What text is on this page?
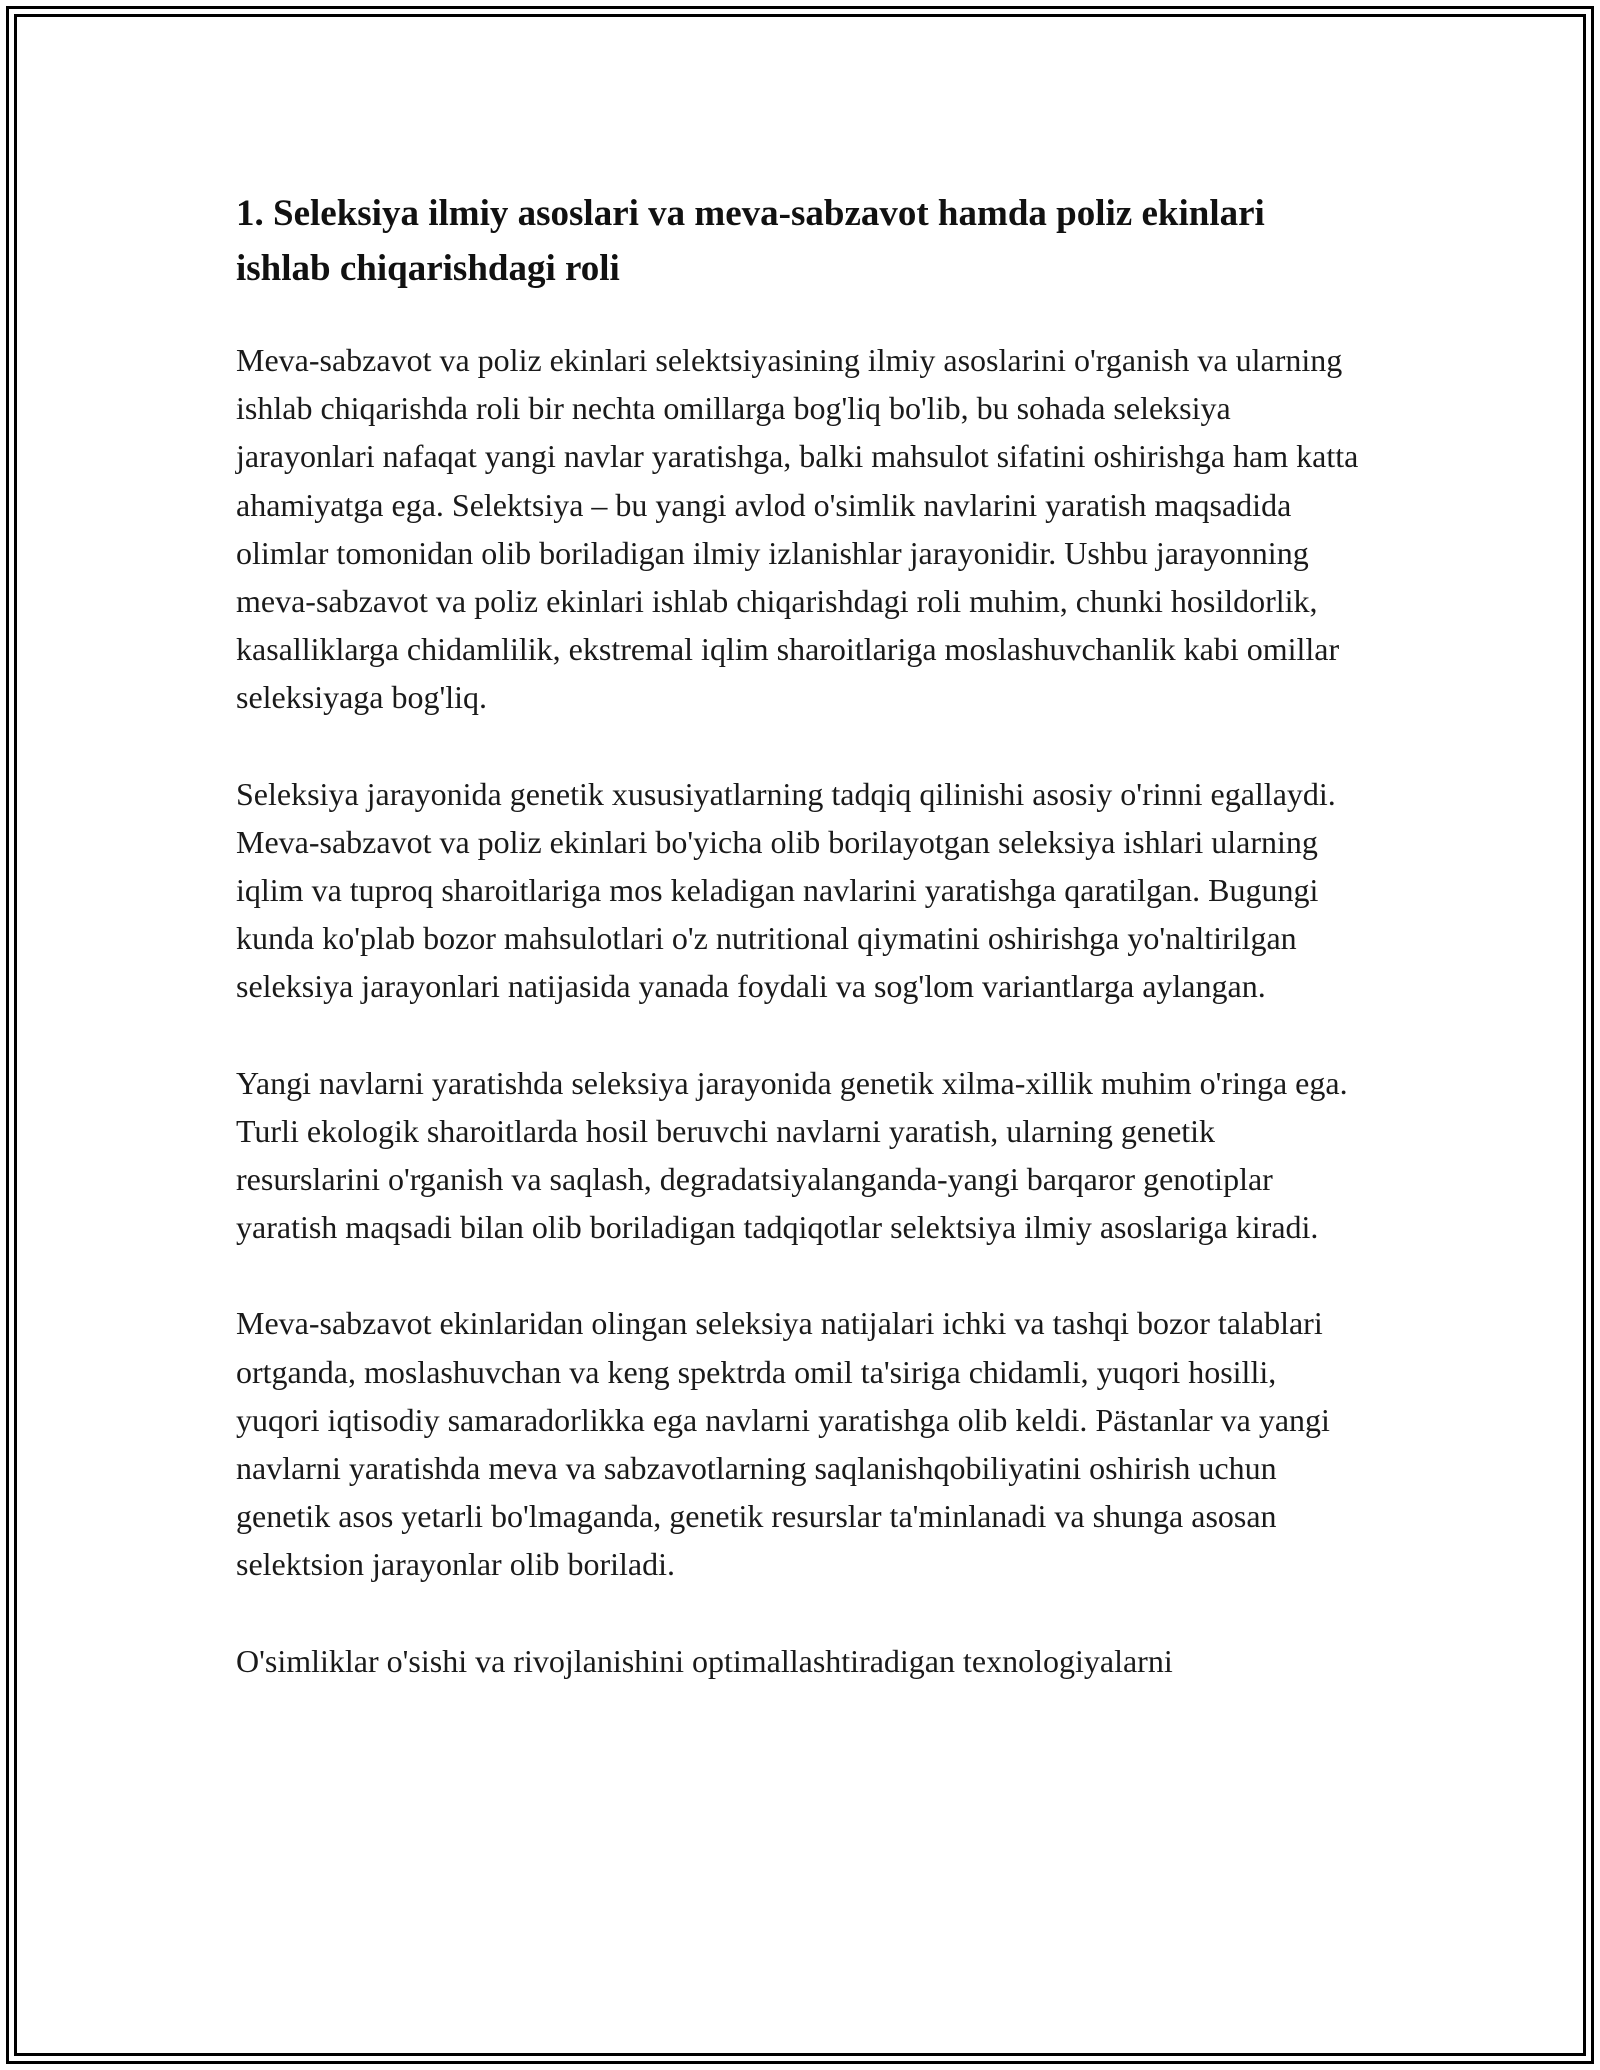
1. Seleksiya ilmiy asoslari va meva-sabzavot hamda poliz ekinlari ishlab chiqarishdagi roli

Meva-sabzavot va poliz ekinlari selektsiyasining ilmiy asoslarini o'rganish va ularning ishlab chiqarishda roli bir nechta omillarga bog'liq bo'lib, bu sohada seleksiya jarayonlari nafaqat yangi navlar yaratishga, balki mahsulot sifatini oshirishga ham katta ahamiyatga ega. Selektsiya – bu yangi avlod o'simlik navlarini yaratish maqsadida olimlar tomonidan olib boriladigan ilmiy izlanishlar jarayonidir. Ushbu jarayonning meva-sabzavot va poliz ekinlari ishlab chiqarishdagi roli muhim, chunki hosildorlik, kasalliklarga chidamlilik, ekstremal iqlim sharoitlariga moslashuvchanlik kabi omillar seleksiyaga bog'liq.

Seleksiya jarayonida genetik xususiyatlarning tadqiq qilinishi asosiy o'rinni egallaydi. Meva-sabzavot va poliz ekinlari bo'yicha olib borilayotgan seleksiya ishlari ularning iqlim va tuproq sharoitlariga mos keladigan navlarini yaratishga qaratilgan. Bugungi kunda ko'plab bozor mahsulotlari o'z nutritional qiymatini oshirishga yo'naltirilgan seleksiya jarayonlari natijasida yanada foydali va sog'lom variantlarga aylangan.

Yangi navlarni yaratishda seleksiya jarayonida genetik xilma-xillik muhim o'ringa ega. Turli ekologik sharoitlarda hosil beruvchi navlarni yaratish, ularning genetik resurslarini o'rganish va saqlash, degradatsiyalanganda-yangi barqaror genotiplar yaratish maqsadi bilan olib boriladigan tadqiqotlar selektsiya ilmiy asoslariga kiradi.

Meva-sabzavot ekinlaridan olingan seleksiya natijalari ichki va tashqi bozor talablari ortganda, moslashuvchan va keng spektrda omil ta'siriga chidamli, yuqori hosilli, yuqori iqtisodiy samaradorlikka ega navlarni yaratishga olib keldi. Pästanlar va yangi navlarni yaratishda meva va sabzavotlarning saqlanishqobiliyatini oshirish uchun genetik asos yetarli bo'lmaganda, genetik resurslar ta'minlanadi va shunga asosan selektsion jarayonlar olib boriladi.

O'simliklar o'sishi va rivojlanishini optimallashtiradigan texnologiyalarni
